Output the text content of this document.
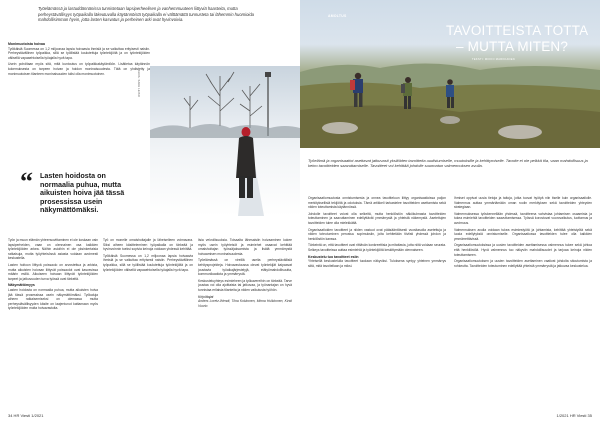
Työelämässä ja lastuddännänissa tunnistetaan lapsiperheelisen ja vanhemmuuteen liittyviä haasteita, mutta perheystävällisyys työpaikalla läkeutuvalla käytännöistä työpaikalla ei välttämättä tunnusteta tai lähemmin huomioida mahdollisimman hyvin, jotta lasten kasvatus ja perheinen arki ovat hyvinvoivia.
Monimuotoista hoivaa

Työikäisiä Suomessa on 1,2 miljoonaa lapsia hoivaavia ihmisiä ja se vaikuttaa erityisesti naisiin. Perheystävällinen työpaikka, sillä se työllistää koulutettuja työntekijöitä ja on työntekijöiden välisellä vapaaehtoisella työajalla hyvä tapa.

Usein pohditaan myös sitä, mitä kuntoutus on työpaikkakäytäntöön. Lisätietoa käytännön kokemuksesta on tarpeen hoivan ja hoidon moninaisuudesta. Tätä on yhdistetty ja monimuotoisen tilanteen moninaisuuden tulisi olla monimuotoinen.	KUVA: SAKU LEINO
“ Lasten hoidosta on normaalia puhua, mutta aikuisten hoiva jää tässä prosessissa usein näkymättömäksi.

Työn ja muun elämän yhteensovittaminen ei ole koskaan vain lapsiperheiden, vaan on olennainen osa kaikkien työntekijöiden arkea. Näihin asioihin ei ole yksinkertaisia ratkaisuja, mutta työyhteisössä asiasta voidaan avoimesti keskustella.

Lasten hoitoon liittyvä poissaolo on arvostettua ja arkista, mutta aikuisten hoivaan liittyvät poissaolot ovat kasvavissa määrin esillä. Aikuiseen hoivaan liittyvät työntekijöiden tarpeet ja jatkuvuuden turva työssä ovat tärkeitä.

Näkymättömyys

Lasten hoidosta on normaalia puhua, mutta aikuisten hoiva jää tässä prosessissa usein näkymättömäksi. Työkaluja aiheen ratkaisemiseksi on olemassa mutta perheystävällisyyden käsite on laajentunut kattamaan myös työntekijöiden muita hoivavastuita.

Työ on monelle omaishoitajalle ja läheiselleen voimavara. Siksi aiheen käsitteleminen työpaikalla on tärkeää ja hyvinvoinnin tueksi sopivia keinoja voidaan yhdessä kehittää.

Työikäisiä Suomessa on 1,2 miljoonaa lapsia hoivaavia ihmisiä ja se vaikuttaa erityisesti naisiin. Perheystävällinen työpaikka, sillä se työllistää koulutettuja työntekijöitä ja on työntekijöiden välisellä vapaaehtoisella työajalla hyvä tapa.

lisia velvollisuuksia. Toisaalta lähesaisiin hoivaaminen kokee myös usein työyhteisöt ja esimiehet osaavat kehittää omaishoitajan työssäjaksamista ja lisätä ymmärrystä hoivaamisen moninaisuudesta.

Työelämässä on vireillä useita perheystävällisiä kehitysprojekteja. Hoivavastuussa olevat työntekijät kaipaavat joustavia työaikajärjestelyjä, etätyömahdollisuutta, kommunikaatiota ja ymmärrystä.

Keskusteluyhteys esimieheen ja työkavereihin on tärkeää. Tarve joustaa voi olla ajoittaista tai jatkuvaa, ja työnantajan on hyvä tunnistaa erilaisia tilanteita ja niiden vaikutusta työhön.

Kirjoittajat

Anders Loretz-Wendt, Tiina Kokkonen, Minna Hulkkonen, Kirsti Vuorio

34 HR Viesti 1/2021
AMOLTUS
TAVOITTEISTA TOTTA
– MUTTA MITEN?
TEKSTI: MIKKO MARKKANEN
Työelämä ja organisaatiot asettavat jatkuvasti yksilöiden tavoitteita uudistumiselle, muutoksille ja kehittymiselle. Tavoite ei ole pelkkä tila, vaan mahdollisuus ja keino tavoitteiden saavuttamiselle. Tavoitteet voi kehittää johdolle suunnatun valmennuksen avulla.

Organisaatiomuutosta onnistumisesta ja onnea tavoitteluun liittyy organisaatioissa paljon merkityksellisiä tekijöitä ja odotuksia. Tämä artikkeli tarkastelee tavoitteiden asettamista sekä niiden toteuttamista käytännössä.

Johdolle tavoitteet voivat olla selkeitä, mutta henkilöstön näkökulmasta tavoitteiden toteuttaminen ja saavuttaminen edellyttävät ymmärrystä ja yhteistä näkemystä. Asetettujen tavoitteiden tulee olla mielekkäitä.

Organisaatioiden tavoitteet ja niiden vastuut ovat pääsääntöisesti vuositasolla asetettuja ja niiden toteutuminen perustuu sopimuksiin, joita kehitetään tiiviisti yhdessä johdon ja henkilöstön kanssa.

Tärkeintä on, että tavoitteet ovat riittävän konkreettisia ja mitattavia, jotta niitä voidaan seurata. Selkeys tavoitteissa auttaa esimiehiä ja työntekijöitä keskittymään olennaiseen.

Keskustelu tuo tavoitteet esiin

Yhteisellä keskustelulla tavoitteet tuodaan näkyviksi. Tuloksena syntyy yhteinen ymmärrys siitä, mitä tavoitellaan ja miksi.

Ihmiset oppivat uusia tietoja ja taitoja, jotka tuovat hyötyä niin itselle kuin organisaatiolle. Valmennus auttaa ymmärtämään oman roolin merkityksen sekä tavoitteiden yhteyden strategiaan.

Valmennuksessa työskennellään yhdessä, tavoitteena vahvistaa johtamisen osaamista ja tukea esimiehiä tavoitteiden saavuttamisessa. Työssä korostuvat vuorovaikutus, luottamus ja avoimuus.

Valmennuksen avulla voidaan tukea esimiestyötä ja johtamista, kehittää yhteistyötä sekä luoda edellytyksiä onnistumiselle. Organisaatiossa tavoitteiden tulee olla kaikkien ymmärrettävissä.

Organisaatiomuutoksissa ja uusien tavoitteiden asettamisessa valmennus tukee sekä johtoa että henkilöstöä. Hyvä valmennus tuo näkyviin mahdollisuudet ja tarjoaa keinoja niiden toteuttamiseen.

Organisaatiomuutoksen ja uusien tavoitteiden asettaminen vaativat johdolta sitoutumista ja rohkeutta. Tavoitteiden toteutuminen edellyttää yhteistä ymmärrystä ja jatkuvaa keskustelua.

1/2021 HR Viesti 35
